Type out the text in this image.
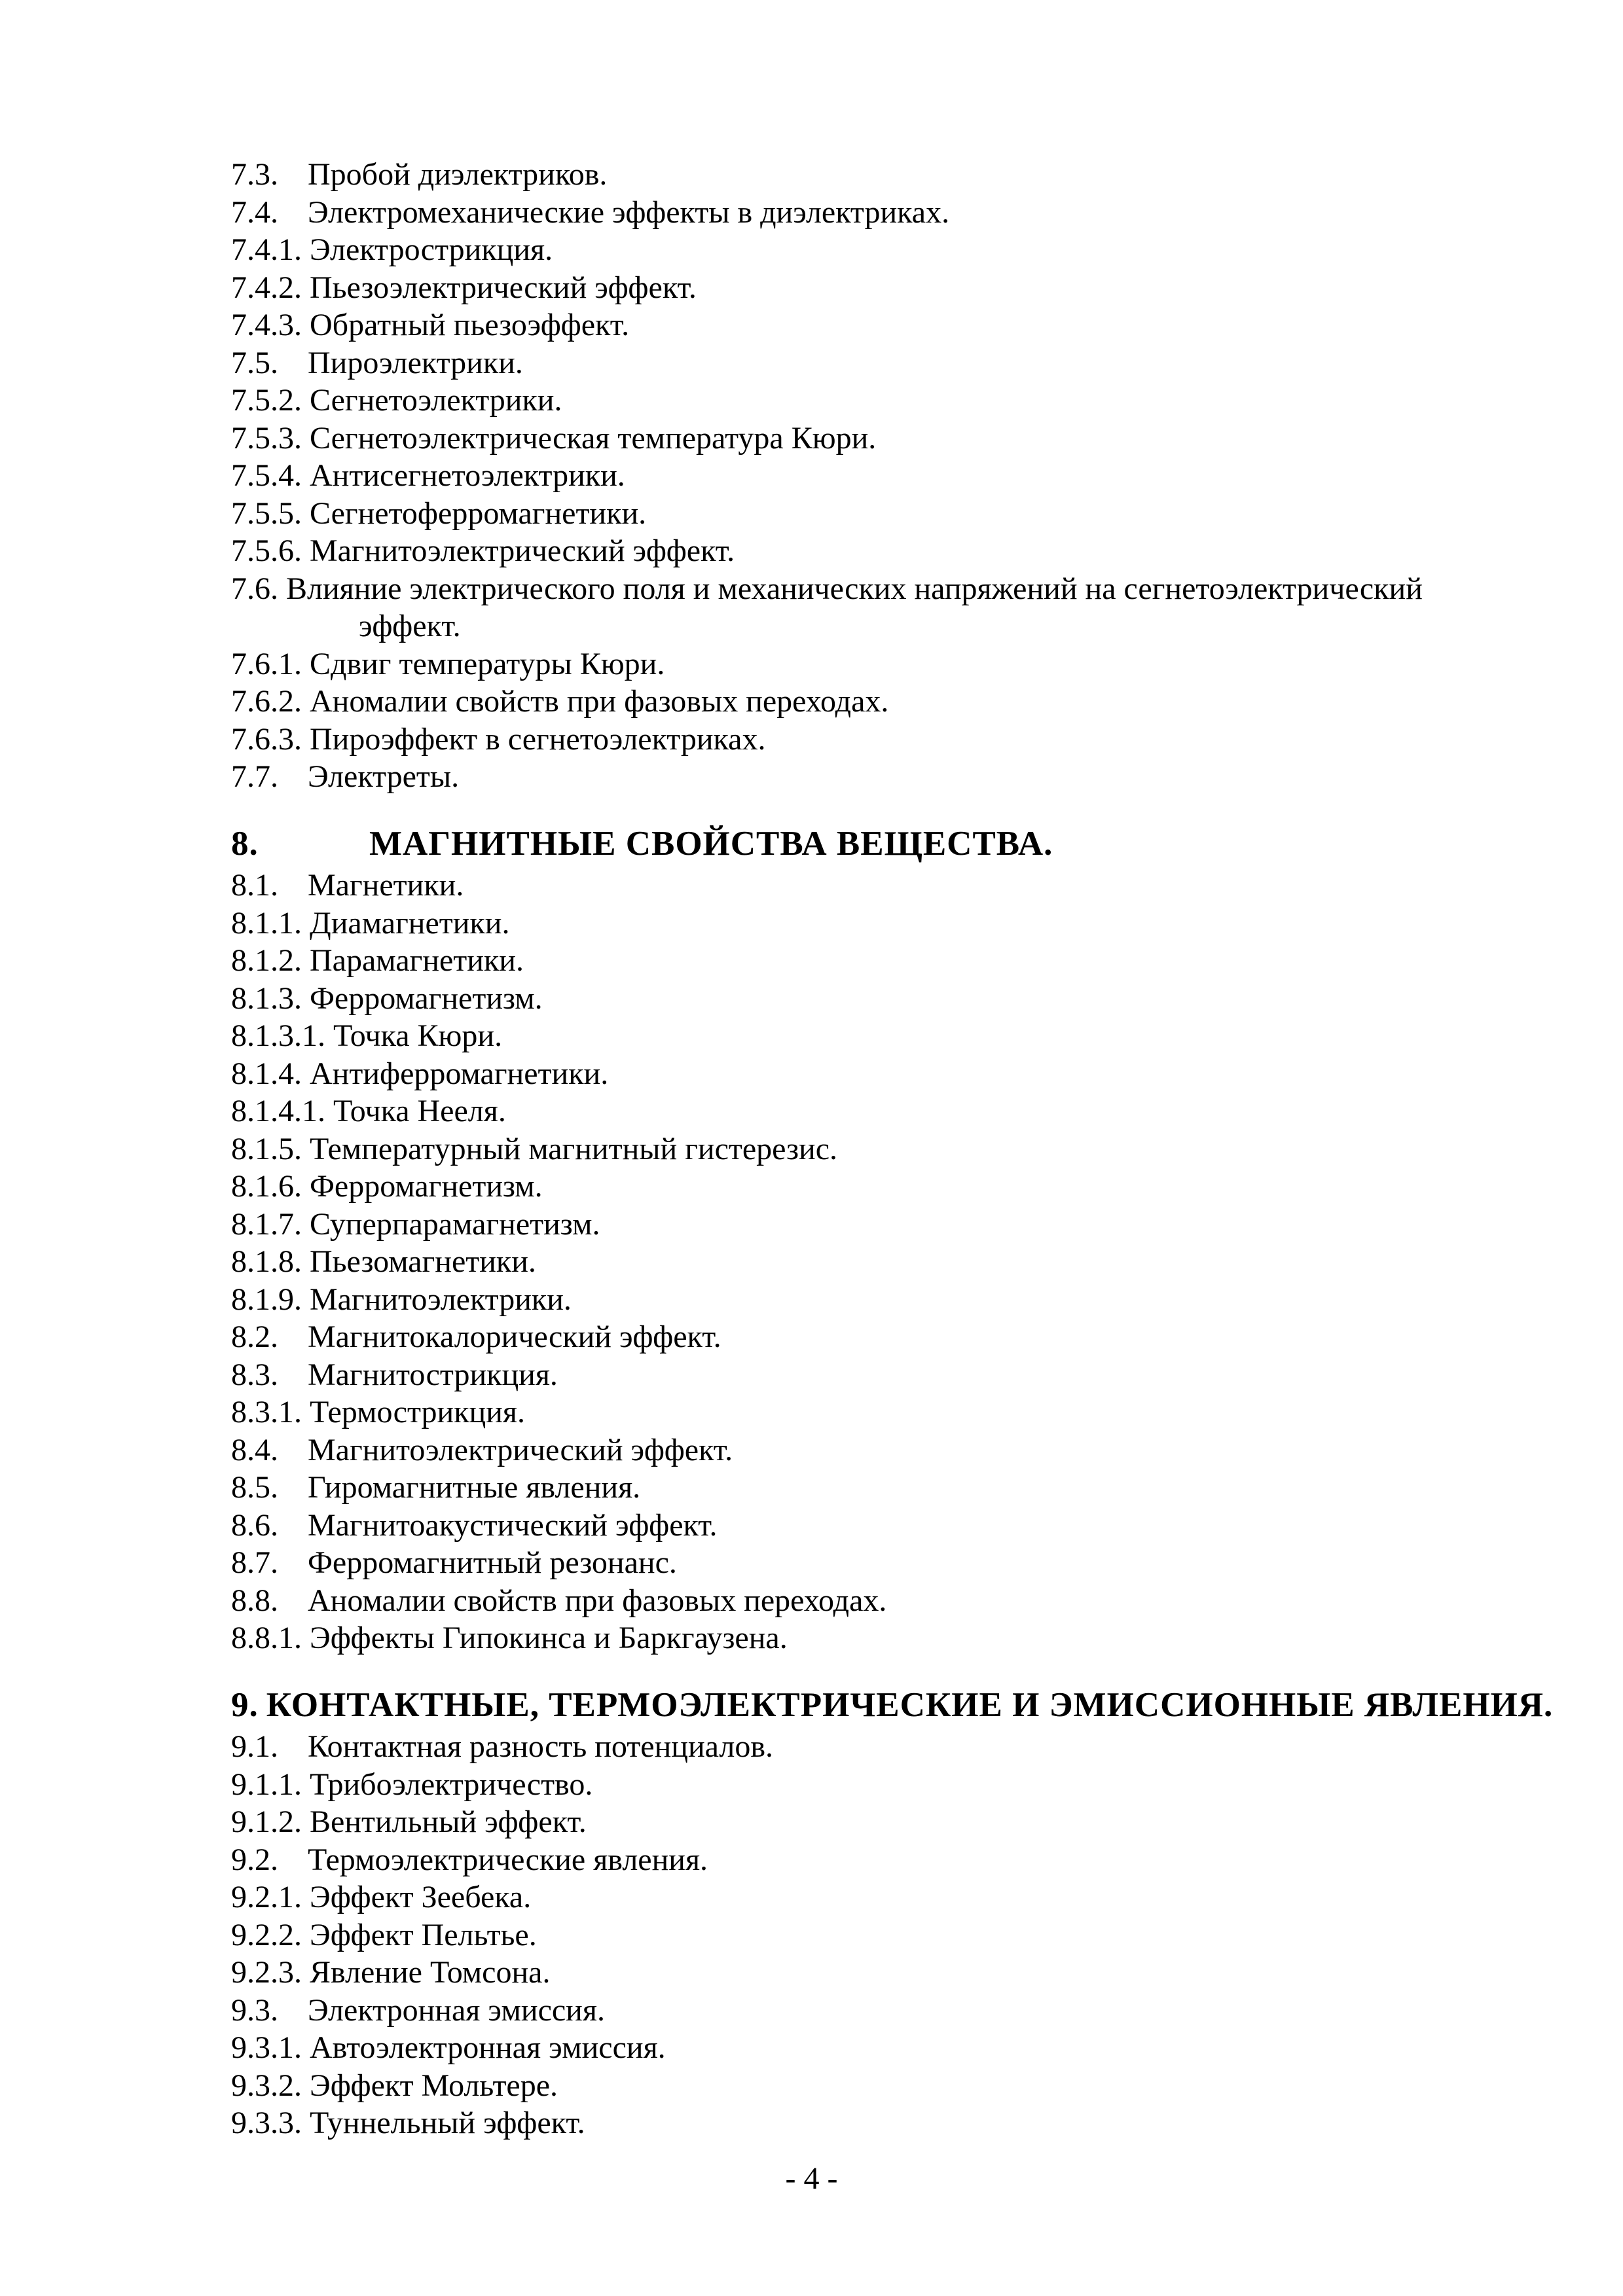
7.3. Пробой диэлектриков.
7.4. Электромеханические эффекты в диэлектриках.
7.4.1. Электрострикция.
7.4.2. Пьезоэлектрический эффект.
7.4.3. Обратный пьезоэффект.
7.5. Пироэлектрики.
7.5.2. Сегнетоэлектрики.
7.5.3. Сегнетоэлектрическая температура Кюри.
7.5.4. Антисегнетоэлектрики.
7.5.5. Сегнетоферромагнетики.
7.5.6. Магнитоэлектрический эффект.
7.6. Влияние электрического поля и механических напряжений на сегнетоэлектрический
эффект.
7.6.1. Сдвиг температуры Кюри.
7.6.2. Аномалии свойств при фазовых переходах.
7.6.3. Пироэффект в сегнетоэлектриках.
7.7. Электреты.
8.	МАГНИТНЫЕ СВОЙСТВА ВЕЩЕСТВА.
8.1. Магнетики.
8.1.1. Диамагнетики.
8.1.2. Парамагнетики.
8.1.3. Ферромагнетизм.
8.1.3.1. Точка Кюри.
8.1.4. Антиферромагнетики.
8.1.4.1. Точка Нееля.
8.1.5. Температурный магнитный гистерезис.
8.1.6. Ферромагнетизм.
8.1.7. Суперпарамагнетизм.
8.1.8. Пьезомагнетики.
8.1.9. Магнитоэлектрики.
8.2. Магнитокалорический эффект.
8.3. Магнитострикция.
8.3.1. Термострикция.
8.4. Магнитоэлектрический эффект.
8.5. Гиромагнитные явления.
8.6. Магнитоакустический эффект.
8.7. Ферромагнитный резонанс.
8.8. Аномалии свойств при фазовых переходах.
8.8.1. Эффекты Гипокинса и Баркгаузена.
9. КОНТАКТНЫЕ, ТЕРМОЭЛЕКТРИЧЕСКИЕ И ЭМИССИОННЫЕ ЯВЛЕНИЯ.
9.1. Контактная разность потенциалов.
9.1.1. Трибоэлектричество.
9.1.2. Вентильный эффект.
9.2. Термоэлектрические явления.
9.2.1. Эффект Зеебека.
9.2.2. Эффект Пельтье.
9.2.3. Явление Томсона.
9.3. Электронная эмиссия.
9.3.1. Автоэлектронная эмиссия.
9.3.2. Эффект Мольтере.
9.3.3. Туннельный эффект.
- 4 -
